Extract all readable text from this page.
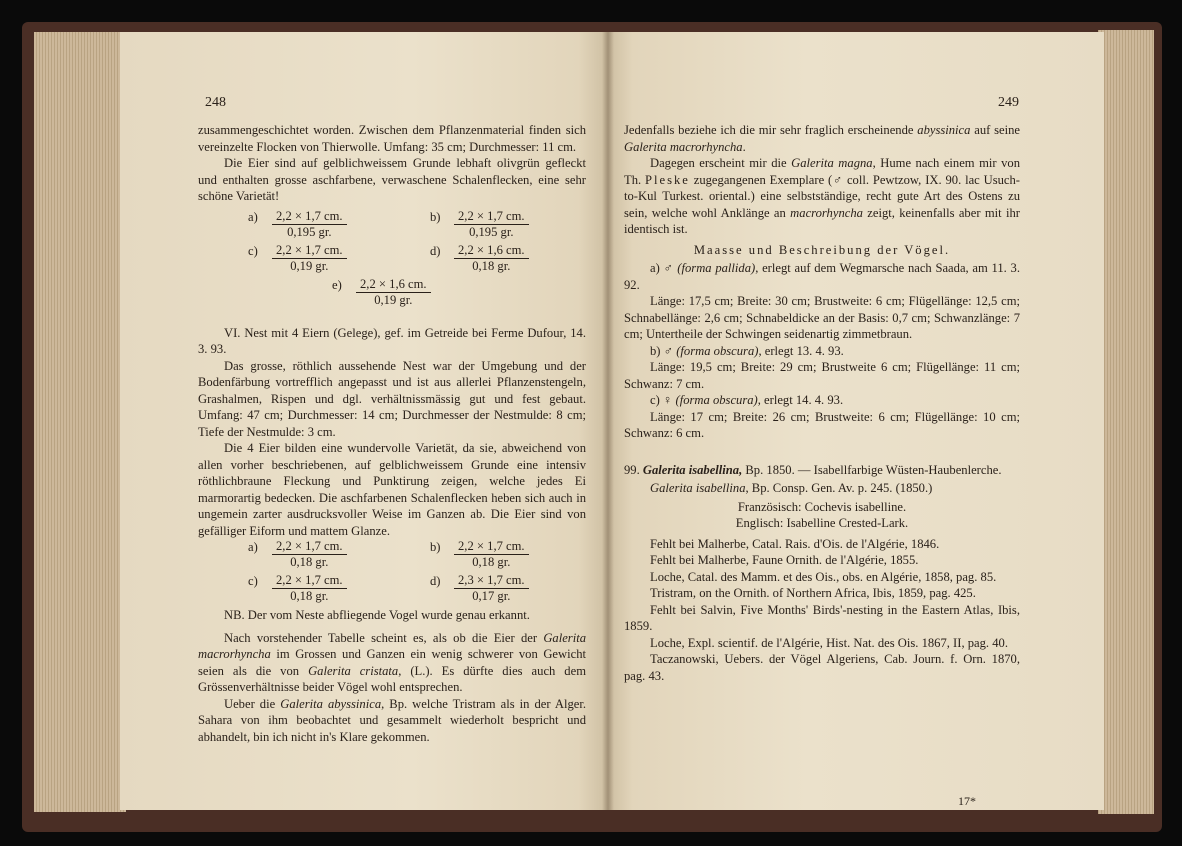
248

zusammengeschichtet worden. Zwischen dem Pflanzenmaterial finden sich vereinzelte Flocken von Thierwolle. Umfang: 35 cm; Durchmesser: 11 cm.

Die Eier sind auf gelblichweissem Grunde lebhaft olivgrün gefleckt und enthalten grosse aschfarbene, verwaschene Schalenflecken, eine sehr schöne Varietät!

a)	2,2 × 1,7 cm.
0,195 gr.
b)	2,2 × 1,7 cm.
0,195 gr.
c)	2,2 × 1,7 cm.
0,19 gr.
d)	2,2 × 1,6 cm.
0,18 gr.
e)	2,2 × 1,6 cm.
0,19 gr.

VI. Nest mit 4 Eiern (Gelege), gef. im Getreide bei Ferme Dufour, 14. 3. 93.

Das grosse, röthlich aussehende Nest war der Umgebung und der Bodenfärbung vortrefflich angepasst und ist aus allerlei Pflanzenstengeln, Grashalmen, Rispen und dgl. verhältnissmässig gut und fest gebaut. Umfang: 47 cm; Durchmesser: 14 cm; Durchmesser der Nestmulde: 8 cm; Tiefe der Nestmulde: 3 cm.

Die 4 Eier bilden eine wundervolle Varietät, da sie, abweichend von allen vorher beschriebenen, auf gelblichweissem Grunde eine intensiv röthlichbraune Fleckung und Punktirung zeigen, welche jedes Ei marmorartig bedecken. Die aschfarbenen Schalenflecken heben sich auch in ungemein zarter ausdrucksvoller Weise im Ganzen ab. Die Eier sind von gefälliger Eiform und mattem Glanze.

a)	2,2 × 1,7 cm.
0,18 gr.
b)	2,2 × 1,7 cm.
0,18 gr.
c)	2,2 × 1,7 cm.
0,18 gr.
d)	2,3 × 1,7 cm.
0,17 gr.

NB. Der vom Neste abfliegende Vogel wurde genau erkannt.

Nach vorstehender Tabelle scheint es, als ob die Eier der Galerita macrorhyncha im Grossen und Ganzen ein wenig schwerer von Gewicht seien als die von Galerita cristata, (L.). Es dürfte dies auch dem Grössenverhältnisse beider Vögel wohl entsprechen.

Ueber die Galerita abyssinica, Bp. welche Tristram als in der Alger. Sahara von ihm beobachtet und gesammelt wiederholt bespricht und abhandelt, bin ich nicht in's Klare gekommen.

249

Jedenfalls beziehe ich die mir sehr fraglich erscheinende abyssinica auf seine Galerita macrorhyncha.

Dagegen erscheint mir die Galerita magna, Hume nach einem mir von Th. Pleske zugegangenen Exemplare (♂ coll. Pewtzow, IX. 90. lac Usuch-to-Kul Turkest. oriental.) eine selbstständige, recht gute Art des Ostens zu sein, welche wohl Anklänge an macrorhyncha zeigt, keinenfalls aber mit ihr identisch ist.

Maasse und Beschreibung der Vögel.

a) ♂ (forma pallida), erlegt auf dem Wegmarsche nach Saada, am 11. 3. 92.

Länge: 17,5 cm; Breite: 30 cm; Brustweite: 6 cm; Flügellänge: 12,5 cm; Schnabellänge: 2,6 cm; Schnabeldicke an der Basis: 0,7 cm; Schwanzlänge: 7 cm; Untertheile der Schwingen seidenartig zimmetbraun.

b) ♂ (forma obscura), erlegt 13. 4. 93.

Länge: 19,5 cm; Breite: 29 cm; Brustweite 6 cm; Flügellänge: 11 cm; Schwanz: 7 cm.

c) ♀ (forma obscura), erlegt 14. 4. 93.

Länge: 17 cm; Breite: 26 cm; Brustweite: 6 cm; Flügellänge: 10 cm; Schwanz: 6 cm.

99. Galerita isabellina, Bp. 1850. — Isabellfarbige Wüsten-Haubenlerche.

Galerita isabellina, Bp. Consp. Gen. Av. p. 245. (1850.)

Französisch: Cochevis isabelline.

Englisch: Isabelline Crested-Lark.

Fehlt bei Malherbe, Catal. Rais. d'Ois. de l'Algérie, 1846.

Fehlt bei Malherbe, Faune Ornith. de l'Algérie, 1855.

Loche, Catal. des Mamm. et des Ois., obs. en Algérie, 1858, pag. 85.

Tristram, on the Ornith. of Northern Africa, Ibis, 1859, pag. 425.

Fehlt bei Salvin, Five Months' Birds'-nesting in the Eastern Atlas, Ibis, 1859.

Loche, Expl. scientif. de l'Algérie, Hist. Nat. des Ois. 1867, II, pag. 40.

Taczanowski, Uebers. der Vögel Algeriens, Cab. Journ. f. Orn. 1870, pag. 43.

17*
